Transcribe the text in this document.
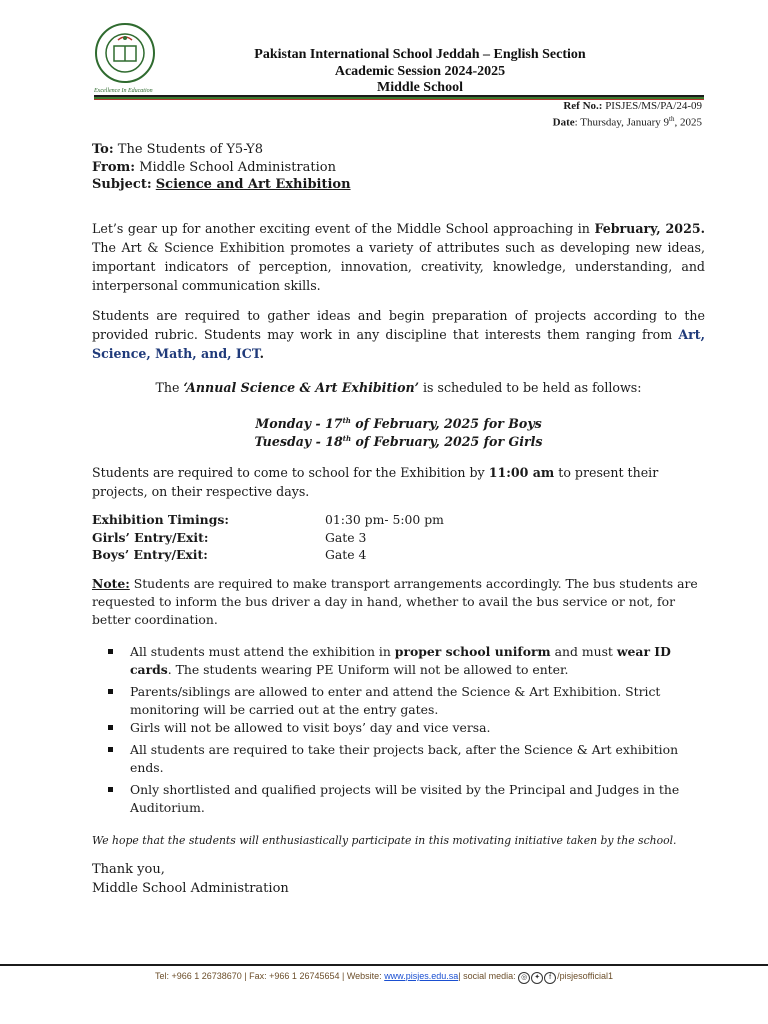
Excellence In Education
Pakistan International School Jeddah – English Section
Academic Session 2024-2025
Middle School
Ref No.: PISJES/MS/PA/24-09
Date: Thursday, January 9th, 2025
To: The Students of Y5-Y8
From: Middle School Administration
Subject: Science and Art Exhibition
Let’s gear up for another exciting event of the Middle School approaching in February, 2025. The Art & Science Exhibition promotes a variety of attributes such as developing new ideas, important indicators of perception, innovation, creativity, knowledge, understanding, and interpersonal communication skills.
Students are required to gather ideas and begin preparation of projects according to the provided rubric. Students may work in any discipline that interests them ranging from Art, Science, Math, and, ICT.
The ‘Annual Science & Art Exhibition’ is scheduled to be held as follows:
Monday - 17th of February, 2025 for Boys
Tuesday - 18th of February, 2025 for Girls
Students are required to come to school for the Exhibition by 11:00 am to present their projects, on their respective days.
Exhibition Timings:	01:30 pm- 5:00 pm
Girls’ Entry/Exit:	Gate 3
Boys’ Entry/Exit:	Gate 4
Note: Students are required to make transport arrangements accordingly. The bus students are requested to inform the bus driver a day in hand, whether to avail the bus service or not, for better coordination.
All students must attend the exhibition in proper school uniform and must wear ID cards. The students wearing PE Uniform will not be allowed to enter.
Parents/siblings are allowed to enter and attend the Science & Art Exhibition. Strict monitoring will be carried out at the entry gates.
Girls will not be allowed to visit boys’ day and vice versa.
All students are required to take their projects back, after the Science & Art exhibition ends.
Only shortlisted and qualified projects will be visited by the Principal and Judges in the Auditorium.
We hope that the students will enthusiastically participate in this motivating initiative taken by the school.
Thank you,
Middle School Administration
Tel: +966 1 26738670 | Fax: +966 1 26745654 | Website: www.pisjes.edu.sa| social media: ◎ ✦ f /pisjesofficial1
